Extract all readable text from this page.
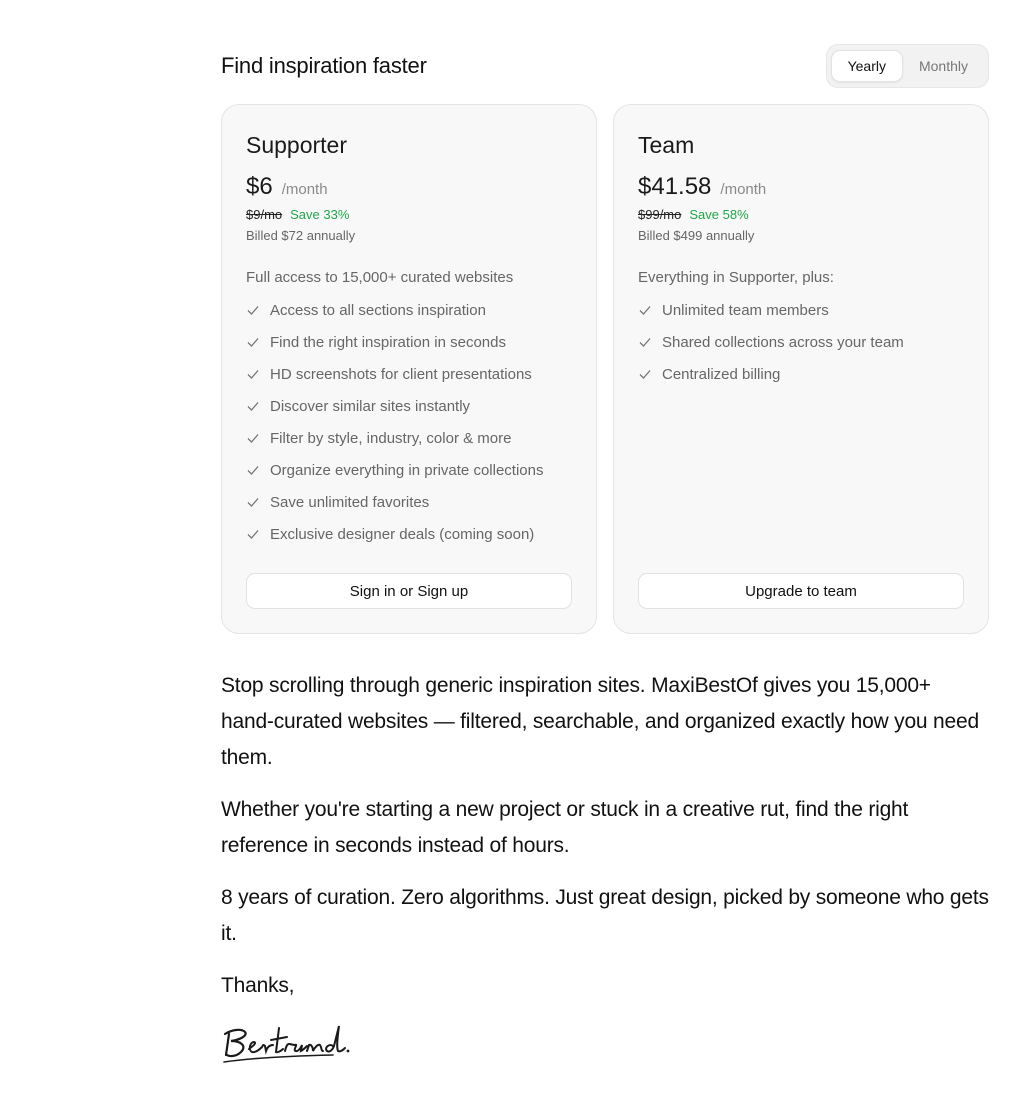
Find inspiration faster	Yearly	Monthly
Supporter
$6 /month
$9/mo Save 33%
Billed $72 annually
Full access to 15,000+ curated websites
Access to all sections inspiration
Find the right inspiration in seconds
HD screenshots for client presentations
Discover similar sites instantly
Filter by style, industry, color & more
Organize everything in private collections
Save unlimited favorites
Exclusive designer deals (coming soon)
Sign in or Sign up
Team
$41.58 /month
$99/mo Save 58%
Billed $499 annually
Everything in Supporter, plus:
Unlimited team members
Shared collections across your team
Centralized billing
Upgrade to team

Stop scrolling through generic inspiration sites. MaxiBestOf gives you 15,000+ hand-curated websites — filtered, searchable, and organized exactly how you need them.

Whether you're starting a new project or stuck in a creative rut, find the right reference in seconds instead of hours.

8 years of curation. Zero algorithms. Just great design, picked by someone who gets it.

Thanks,
